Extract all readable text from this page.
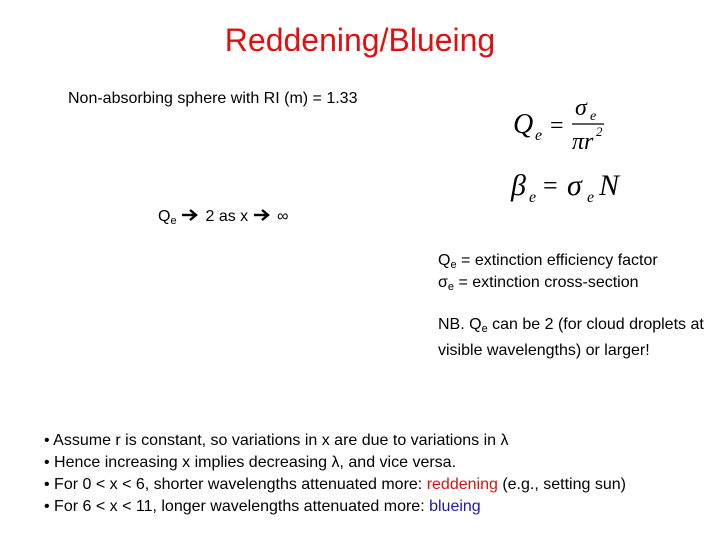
Reddening/Blueing
Non-absorbing sphere with RI (m) = 1.33
Q e =
σ e
πr 2
β e = σ e N
$Q_e$ 2 as x ∞
$Q_e$ = extinction efficiency factor
$\sigma_e$ = extinction cross-section
NB. $Q_e$ can be 2 (for cloud droplets at visible wavelengths) or larger!
• Assume r is constant, so variations in x are due to variations in λ
• Hence increasing x implies decreasing λ, and vice versa.
• For 0 < x < 6, shorter wavelengths attenuated more: reddening (e.g., setting sun)
• For 6 < x < 11, longer wavelengths attenuated more: blueing
